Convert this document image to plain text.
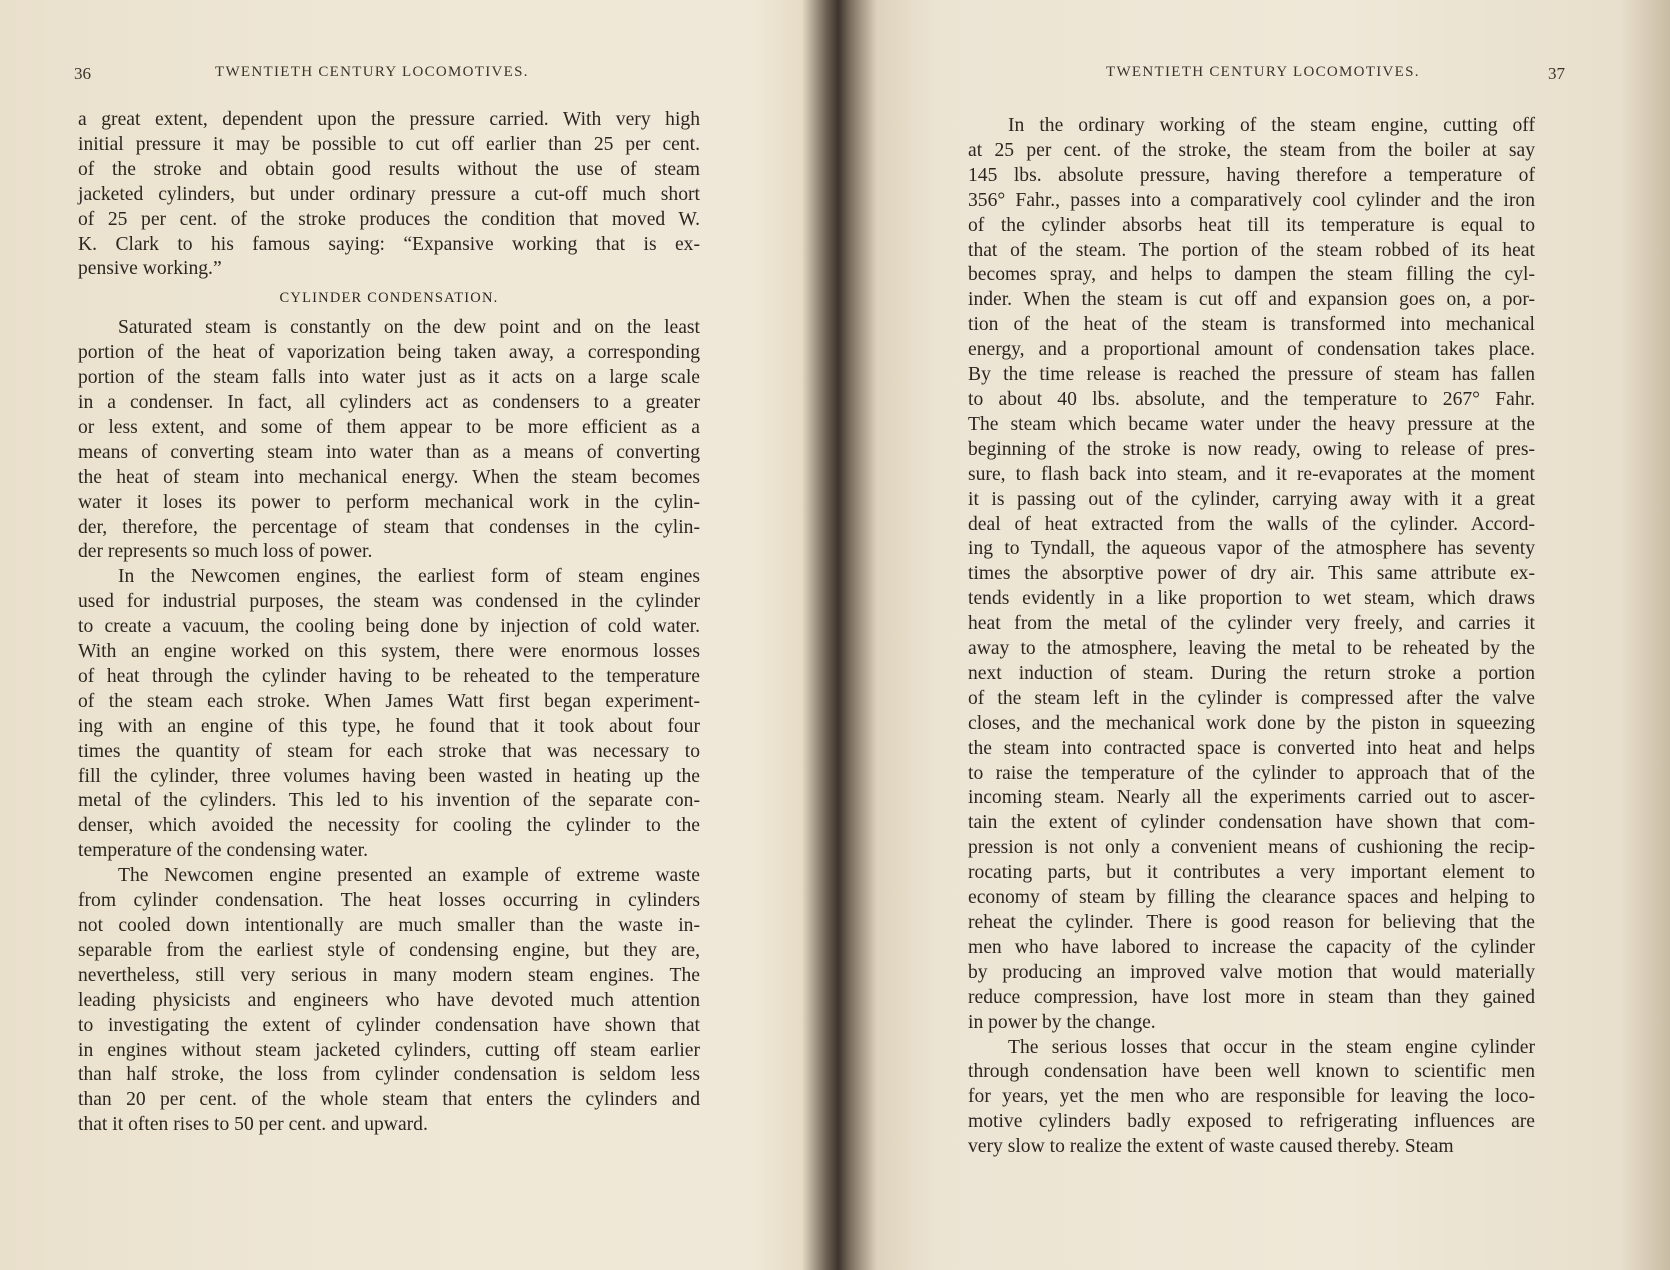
36	TWENTIETH CENTURY LOCOMOTIVES.
a great extent, dependent upon the pressure carried. With very high
initial pressure it may be possible to cut off earlier than 25 per cent.
of the stroke and obtain good results without the use of steam
jacketed cylinders, but under ordinary pressure a cut-off much short
of 25 per cent. of the stroke produces the condition that moved W.
K. Clark to his famous saying: “Expansive working that is ex-
pensive working.”
CYLINDER CONDENSATION.
Saturated steam is constantly on the dew point and on the least
portion of the heat of vaporization being taken away, a corresponding
portion of the steam falls into water just as it acts on a large scale
in a condenser. In fact, all cylinders act as condensers to a greater
or less extent, and some of them appear to be more efficient as a
means of converting steam into water than as a means of converting
the heat of steam into mechanical energy. When the steam becomes
water it loses its power to perform mechanical work in the cylin-
der, therefore, the percentage of steam that condenses in the cylin-
der represents so much loss of power.
In the Newcomen engines, the earliest form of steam engines
used for industrial purposes, the steam was condensed in the cylinder
to create a vacuum, the cooling being done by injection of cold water.
With an engine worked on this system, there were enormous losses
of heat through the cylinder having to be reheated to the temperature
of the steam each stroke. When James Watt first began experiment-
ing with an engine of this type, he found that it took about four
times the quantity of steam for each stroke that was necessary to
fill the cylinder, three volumes having been wasted in heating up the
metal of the cylinders. This led to his invention of the separate con-
denser, which avoided the necessity for cooling the cylinder to the
temperature of the condensing water.
The Newcomen engine presented an example of extreme waste
from cylinder condensation. The heat losses occurring in cylinders
not cooled down intentionally are much smaller than the waste in-
separable from the earliest style of condensing engine, but they are,
nevertheless, still very serious in many modern steam engines. The
leading physicists and engineers who have devoted much attention
to investigating the extent of cylinder condensation have shown that
in engines without steam jacketed cylinders, cutting off steam earlier
than half stroke, the loss from cylinder condensation is seldom less
than 20 per cent. of the whole steam that enters the cylinders and
that it often rises to 50 per cent. and upward.
TWENTIETH CENTURY LOCOMOTIVES.	37
In the ordinary working of the steam engine, cutting off
at 25 per cent. of the stroke, the steam from the boiler at say
145 lbs. absolute pressure, having therefore a temperature of
356° Fahr., passes into a comparatively cool cylinder and the iron
of the cylinder absorbs heat till its temperature is equal to
that of the steam. The portion of the steam robbed of its heat
becomes spray, and helps to dampen the steam filling the cyl-
inder. When the steam is cut off and expansion goes on, a por-
tion of the heat of the steam is transformed into mechanical
energy, and a proportional amount of condensation takes place.
By the time release is reached the pressure of steam has fallen
to about 40 lbs. absolute, and the temperature to 267° Fahr.
The steam which became water under the heavy pressure at the
beginning of the stroke is now ready, owing to release of pres-
sure, to flash back into steam, and it re-evaporates at the moment
it is passing out of the cylinder, carrying away with it a great
deal of heat extracted from the walls of the cylinder. Accord-
ing to Tyndall, the aqueous vapor of the atmosphere has seventy
times the absorptive power of dry air. This same attribute ex-
tends evidently in a like proportion to wet steam, which draws
heat from the metal of the cylinder very freely, and carries it
away to the atmosphere, leaving the metal to be reheated by the
next induction of steam. During the return stroke a portion
of the steam left in the cylinder is compressed after the valve
closes, and the mechanical work done by the piston in squeezing
the steam into contracted space is converted into heat and helps
to raise the temperature of the cylinder to approach that of the
incoming steam. Nearly all the experiments carried out to ascer-
tain the extent of cylinder condensation have shown that com-
pression is not only a convenient means of cushioning the recip-
rocating parts, but it contributes a very important element to
economy of steam by filling the clearance spaces and helping to
reheat the cylinder. There is good reason for believing that the
men who have labored to increase the capacity of the cylinder
by producing an improved valve motion that would materially
reduce compression, have lost more in steam than they gained
in power by the change.
The serious losses that occur in the steam engine cylinder
through condensation have been well known to scientific men
for years, yet the men who are responsible for leaving the loco-
motive cylinders badly exposed to refrigerating influences are
very slow to realize the extent of waste caused thereby. Steam
